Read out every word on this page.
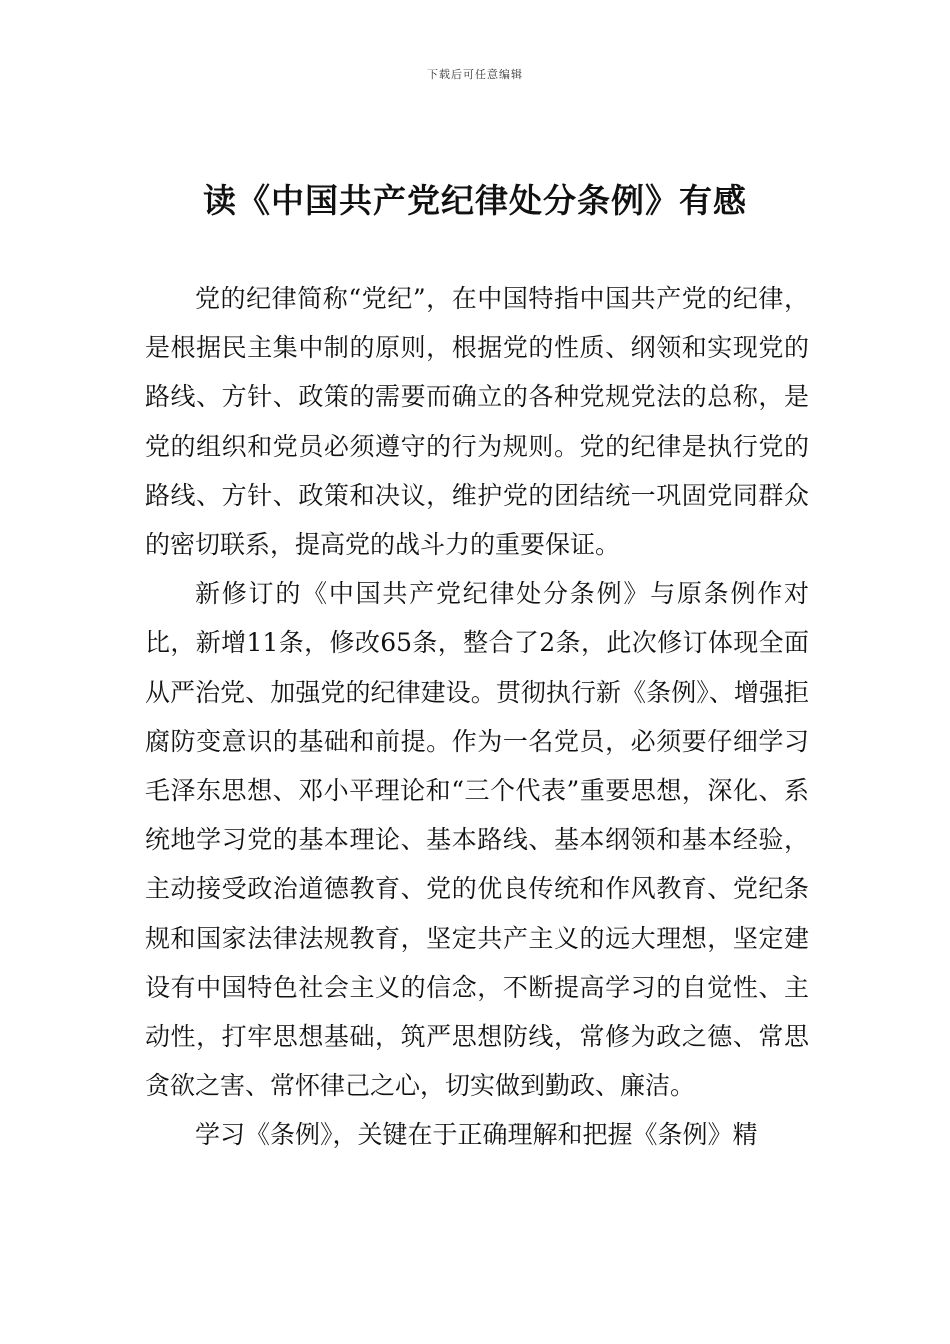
下载后可任意编辑
读《中国共产党纪律处分条例》有感

党的纪律简称“党纪”，在中国特指中国共产党的纪律，是根据民主集中制的原则，根据党的性质、纲领和实现党的路线、方针、政策的需要而确立的各种党规党法的总称，是党的组织和党员必须遵守的行为规则。党的纪律是执行党的路线、方针、政策和决议，维护党的团结统一巩固党同群众的密切联系，提高党的战斗力的重要保证。

新修订的《中国共产党纪律处分条例》与原条例作对比，新增11条，修改65条，整合了2条，此次修订体现全面从严治党、加强党的纪律建设。贯彻执行新《条例》、增强拒腐防变意识的基础和前提。作为一名党员，必须要仔细学习毛泽东思想、邓小平理论和“三个代表”重要思想，深化、系统地学习党的基本理论、基本路线、基本纲领和基本经验，主动接受政治道德教育、党的优良传统和作风教育、党纪条规和国家法律法规教育，坚定共产主义的远大理想，坚定建设有中国特色社会主义的信念，不断提高学习的自觉性、主动性，打牢思想基础，筑严思想防线，常修为政之德、常思贪欲之害、常怀律己之心，切实做到勤政、廉洁。

学习《条例》，关键在于正确理解和把握《条例》精
